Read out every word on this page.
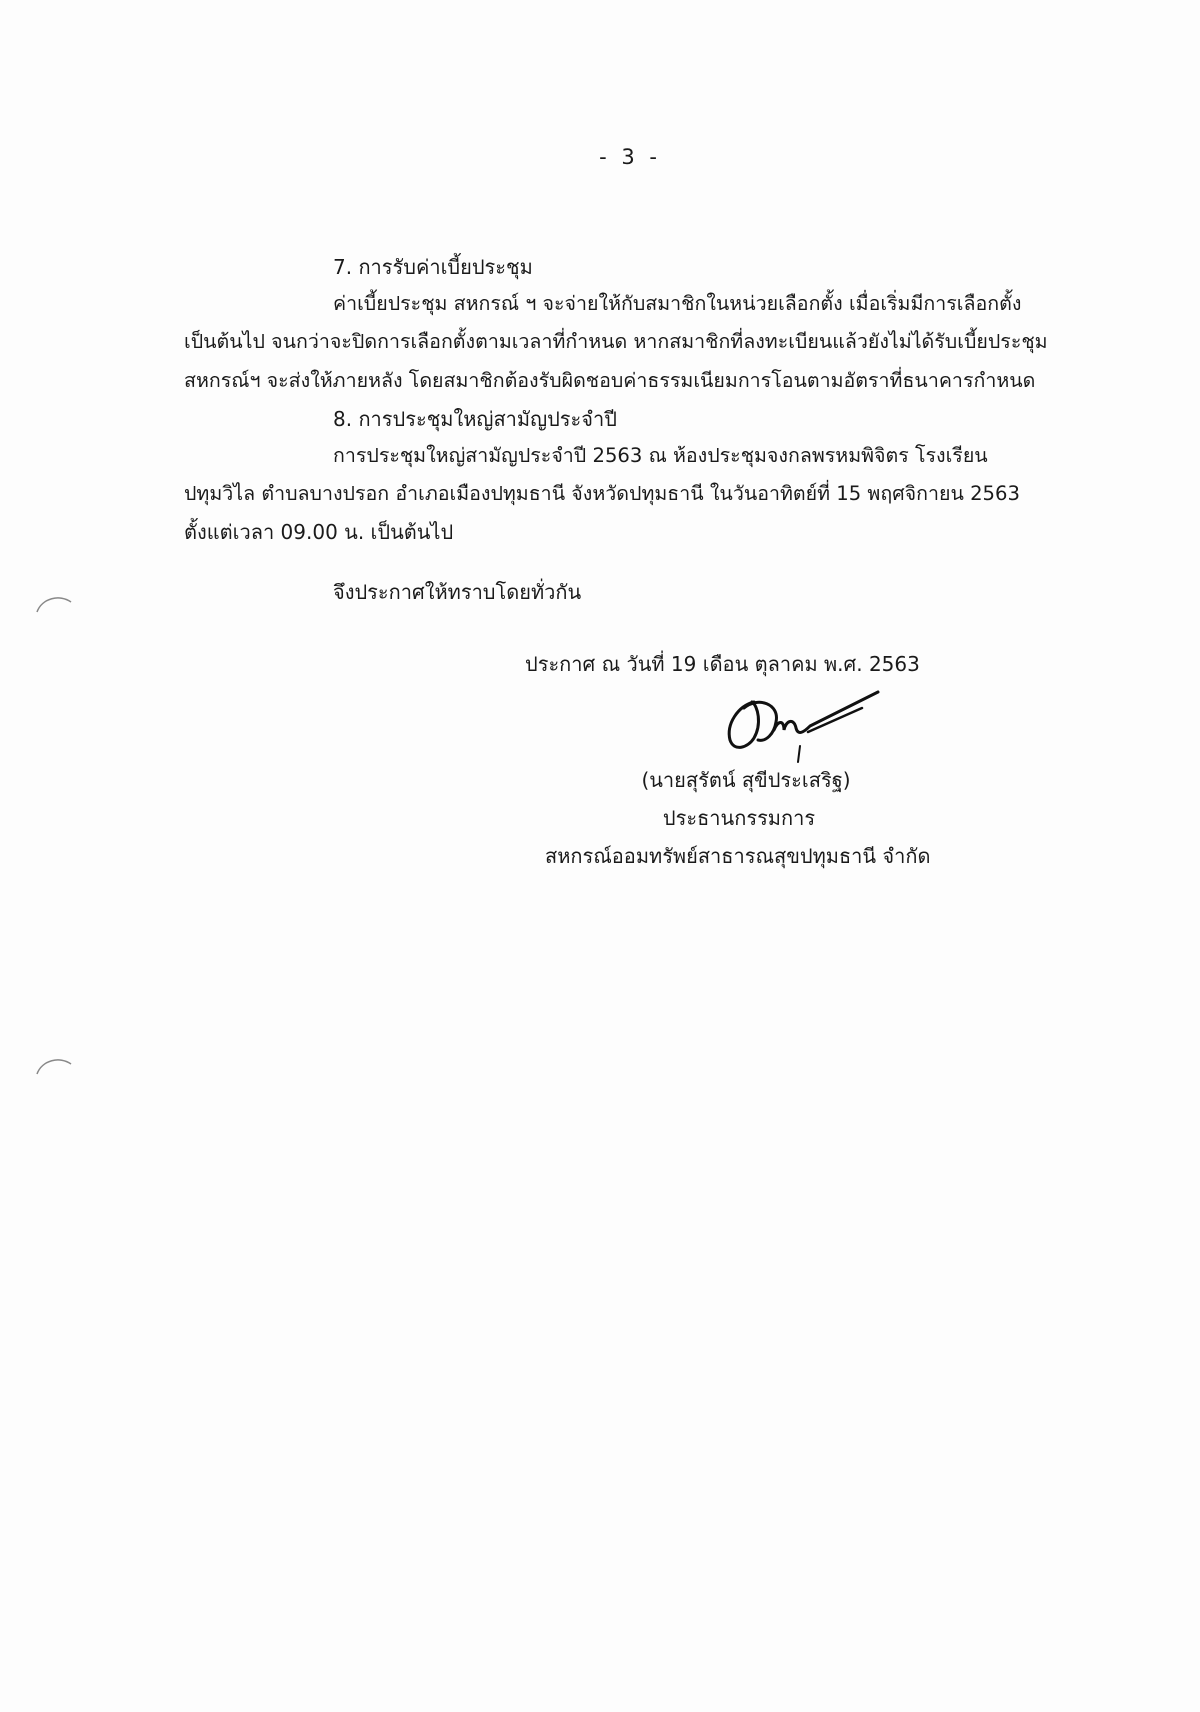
- 3 -
7. การรับค่าเบี้ยประชุม
ค่าเบี้ยประชุม สหกรณ์ ฯ จะจ่ายให้กับสมาชิกในหน่วยเลือกตั้ง เมื่อเริ่มมีการเลือกตั้ง
เป็นต้นไป จนกว่าจะปิดการเลือกตั้งตามเวลาที่กำหนด หากสมาชิกที่ลงทะเบียนแล้วยังไม่ได้รับเบี้ยประชุม
สหกรณ์ฯ จะส่งให้ภายหลัง โดยสมาชิกต้องรับผิดชอบค่าธรรมเนียมการโอนตามอัตราที่ธนาคารกำหนด
8. การประชุมใหญ่สามัญประจำปี
การประชุมใหญ่สามัญประจำปี 2563 ณ ห้องประชุมจงกลพรหมพิจิตร โรงเรียน
ปทุมวิไล ตำบลบางปรอก อำเภอเมืองปทุมธานี จังหวัดปทุมธานี ในวันอาทิตย์ที่ 15 พฤศจิกายน 2563
ตั้งแต่เวลา 09.00 น. เป็นต้นไป
จึงประกาศให้ทราบโดยทั่วกัน
ประกาศ ณ วันที่ 19 เดือน ตุลาคม พ.ศ. 2563
(นายสุรัตน์ สุขีประเสริฐ)
ประธานกรรมการ
สหกรณ์ออมทรัพย์สาธารณสุขปทุมธานี จำกัด
